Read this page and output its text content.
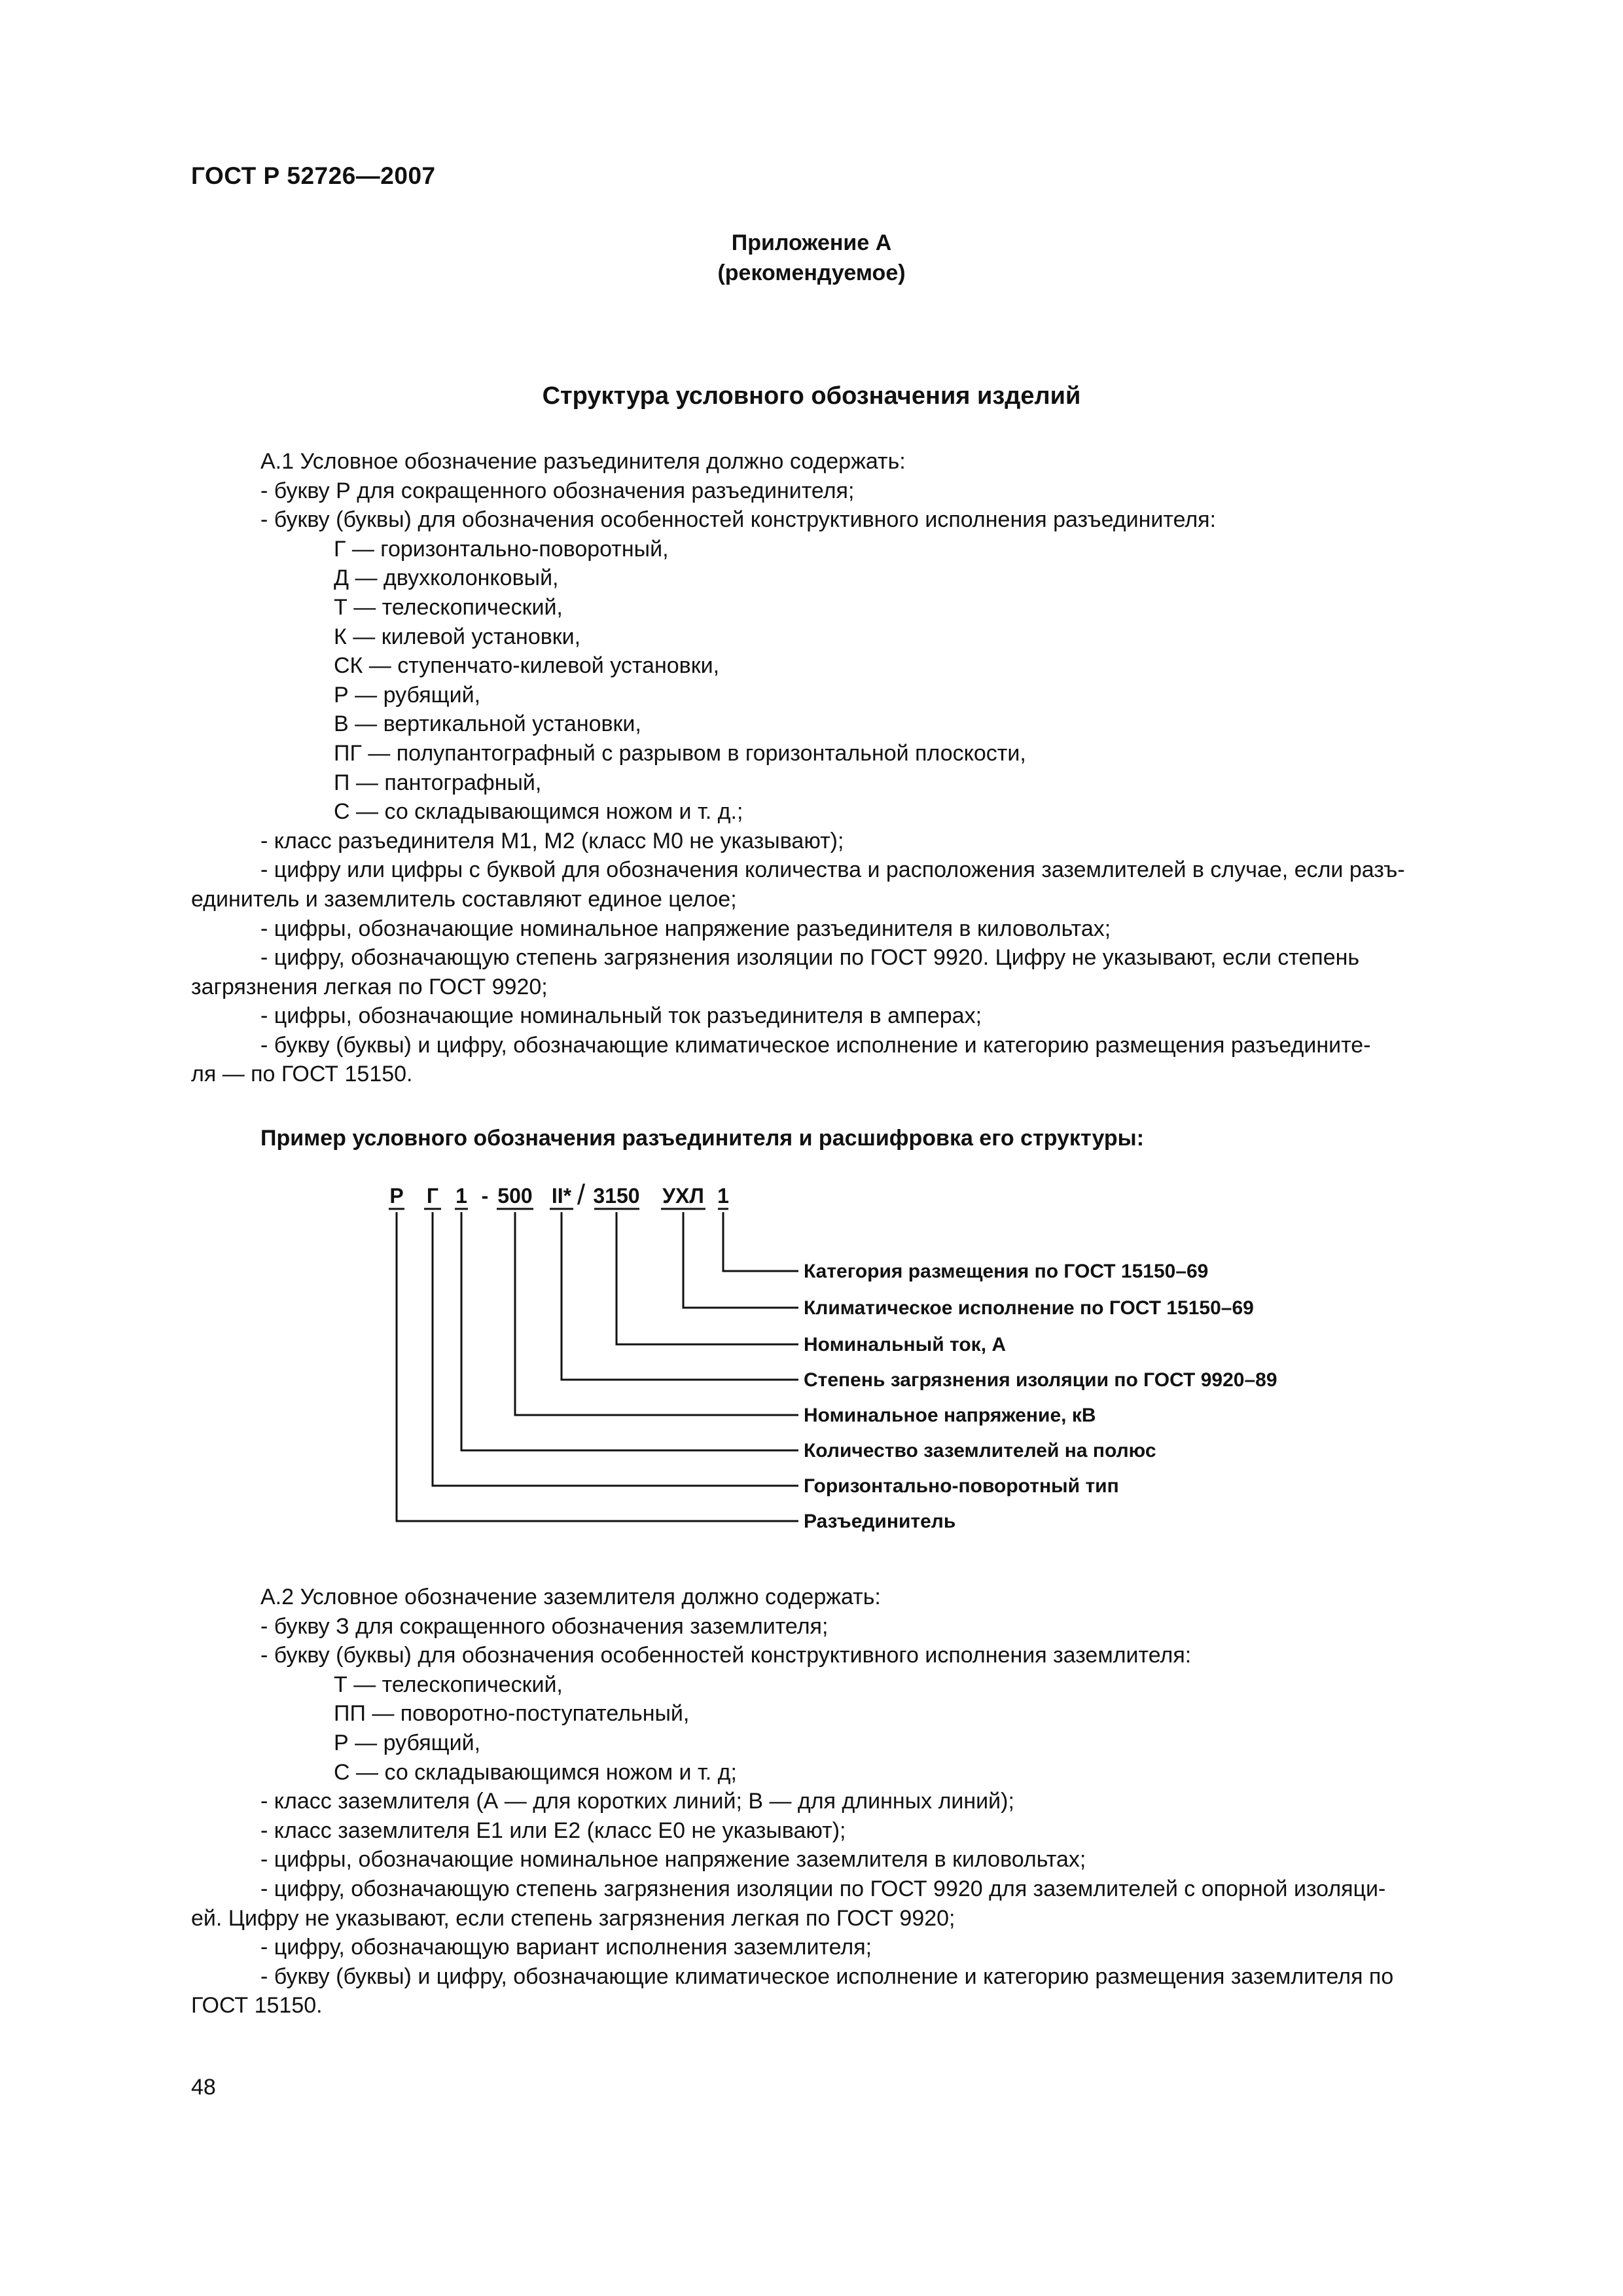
ГОСТ Р 52726—2007
Приложение А
(рекомендуемое)
Структура условного обозначения изделий

А.1 Условное обозначение разъединителя должно содержать:

- букву Р для сокращенного обозначения разъединителя;

- букву (буквы) для обозначения особенностей конструктивного исполнения разъединителя:

Г — горизонтально-поворотный,

Д — двухколонковый,

Т — телескопический,

К — килевой установки,

СК — ступенчато-килевой установки,

Р — рубящий,

В — вертикальной установки,

ПГ — полупантографный с разрывом в горизонтальной плоскости,

П — пантографный,

С — со складывающимся ножом и т. д.;

- класс разъединителя М1, М2 (класс М0 не указывают);

- цифру или цифры с буквой для обозначения количества и расположения заземлителей в случае, если разъ-

единитель и заземлитель составляют единое целое;

- цифры, обозначающие номинальное напряжение разъединителя в киловольтах;

- цифру, обозначающую степень загрязнения изоляции по ГОСТ 9920. Цифру не указывают, если степень

загрязнения легкая по ГОСТ 9920;

- цифры, обозначающие номинальный ток разъединителя в амперах;

- букву (буквы) и цифру, обозначающие климатическое исполнение и категорию размещения разъедините-

ля — по ГОСТ 15150.

Пример условного обозначения разъединителя и расшифровка его структуры:
Р Г 1 - 500 II* / 3150 УХЛ 1
Категория размещения по ГОСТ 15150–69
Климатическое исполнение по ГОСТ 15150–69
Номинальный ток, А
Степень загрязнения изоляции по ГОСТ 9920–89
Номинальное напряжение, кВ
Количество заземлителей на полюс
Горизонтально-поворотный тип
Разъединитель

А.2 Условное обозначение заземлителя должно содержать:

- букву З для сокращенного обозначения заземлителя;

- букву (буквы) для обозначения особенностей конструктивного исполнения заземлителя:

Т — телескопический,

ПП — поворотно-поступательный,

Р — рубящий,

С — со складывающимся ножом и т. д;

- класс заземлителя (А — для коротких линий; В — для длинных линий);

- класс заземлителя Е1 или Е2 (класс Е0 не указывают);

- цифры, обозначающие номинальное напряжение заземлителя в киловольтах;

- цифру, обозначающую степень загрязнения изоляции по ГОСТ 9920 для заземлителей с опорной изоляци-

ей. Цифру не указывают, если степень загрязнения легкая по ГОСТ 9920;

- цифру, обозначающую вариант исполнения заземлителя;

- букву (буквы) и цифру, обозначающие климатическое исполнение и категорию размещения заземлителя по

ГОСТ 15150.

48
